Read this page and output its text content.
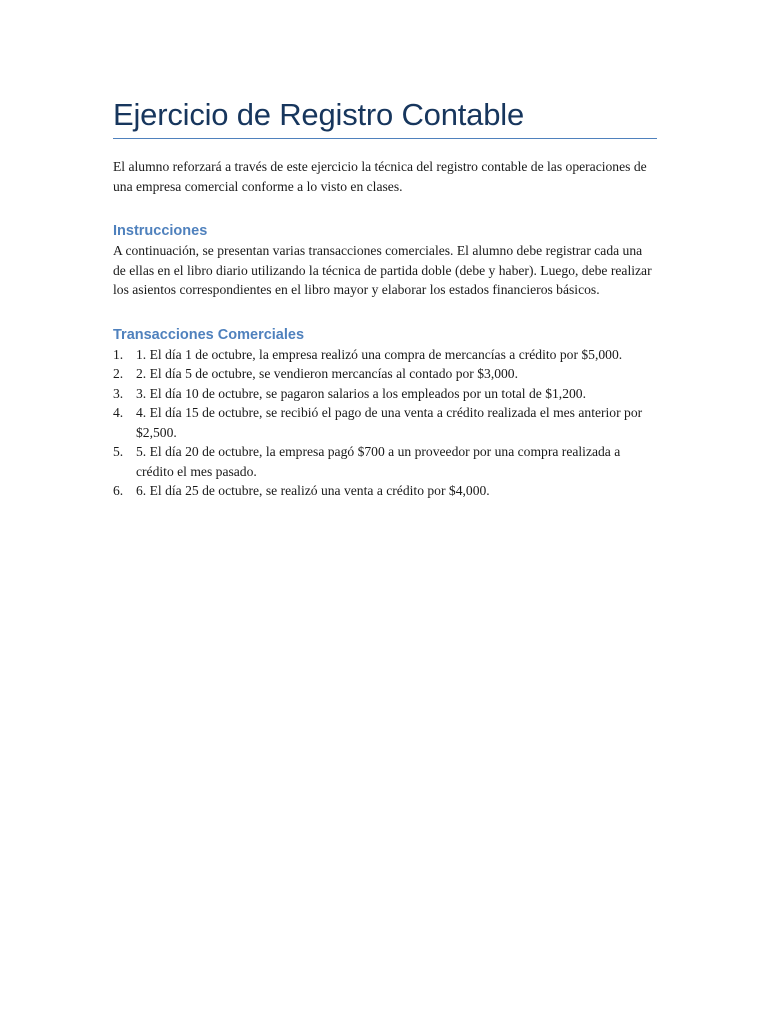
Ejercicio de Registro Contable

El alumno reforzará a través de este ejercicio la técnica del registro contable de las operaciones de una empresa comercial conforme a lo visto en clases.

Instrucciones

A continuación, se presentan varias transacciones comerciales. El alumno debe registrar cada una de ellas en el libro diario utilizando la técnica de partida doble (debe y haber). Luego, debe realizar los asientos correspondientes en el libro mayor y elaborar los estados financieros básicos.

Transacciones Comerciales
1. 1. El día 1 de octubre, la empresa realizó una compra de mercancías a crédito por $5,000.
2. 2. El día 5 de octubre, se vendieron mercancías al contado por $3,000.
3. 3. El día 10 de octubre, se pagaron salarios a los empleados por un total de $1,200.
4. 4. El día 15 de octubre, se recibió el pago de una venta a crédito realizada el mes anterior por $2,500.
5. 5. El día 20 de octubre, la empresa pagó $700 a un proveedor por una compra realizada a crédito el mes pasado.
6. 6. El día 25 de octubre, se realizó una venta a crédito por $4,000.
